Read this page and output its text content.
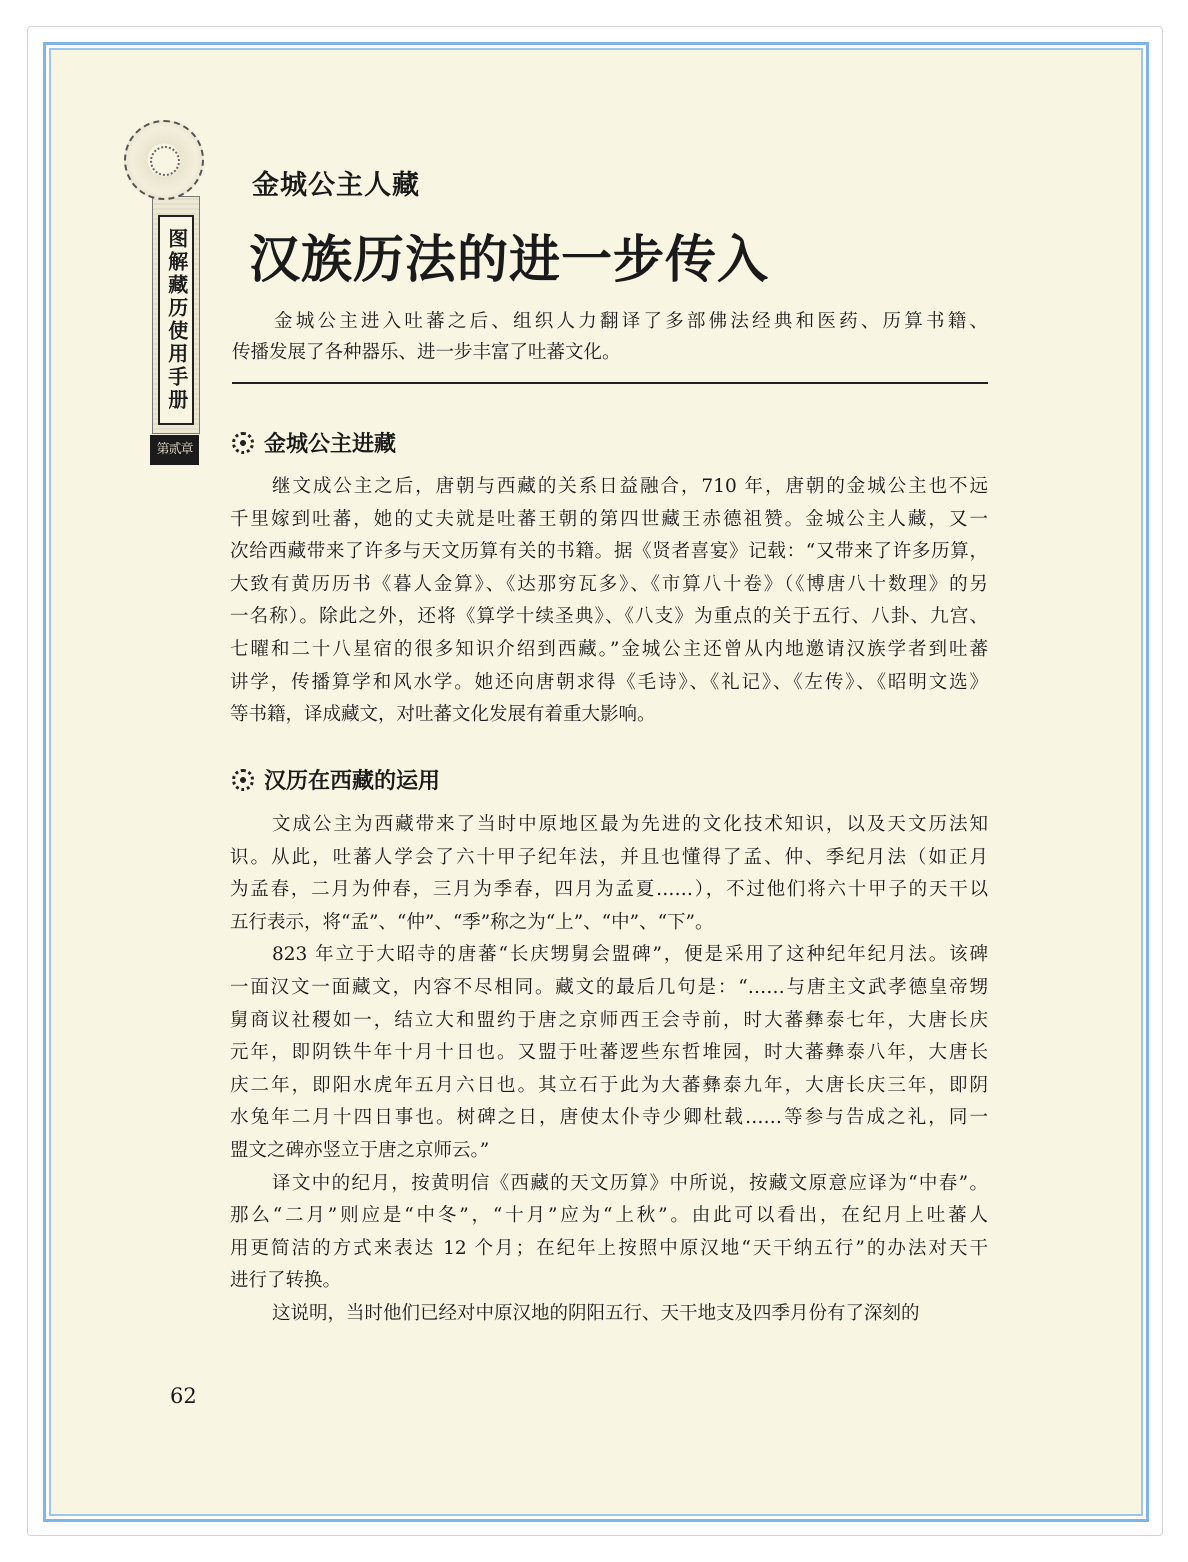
图解藏历使用手册
第贰章
金城公主人藏
汉族历法的进一步传入
金城公主进入吐蕃之后、组织人力翻译了多部佛法经典和医药、历算书籍、
传播发展了各种器乐、进一步丰富了吐蕃文化。
金城公主进藏
继文成公主之后，唐朝与西藏的关系日益融合，710 年，唐朝的金城公主也不远
千里嫁到吐蕃，她的丈夫就是吐蕃王朝的第四世藏王赤德祖赞。金城公主人藏，又一
次给西藏带来了许多与天文历算有关的书籍。据《贤者喜宴》记载：“又带来了许多历算，
大致有黄历历书《暮人金算》、《达那穷瓦多》、《市算八十卷》（《博唐八十数理》的另
一名称）。除此之外，还将《算学十续圣典》、《八支》为重点的关于五行、八卦、九宫、
七曜和二十八星宿的很多知识介绍到西藏。”金城公主还曾从内地邀请汉族学者到吐蕃
讲学，传播算学和风水学。她还向唐朝求得《毛诗》、《礼记》、《左传》、《昭明文选》
等书籍，译成藏文，对吐蕃文化发展有着重大影响。
汉历在西藏的运用
文成公主为西藏带来了当时中原地区最为先进的文化技术知识，以及天文历法知
识。从此，吐蕃人学会了六十甲子纪年法，并且也懂得了孟、仲、季纪月法（如正月
为孟春，二月为仲春，三月为季春，四月为孟夏……），不过他们将六十甲子的天干以
五行表示，将“孟”、“仲”、“季”称之为“上”、“中”、“下”。
823 年立于大昭寺的唐蕃“长庆甥舅会盟碑”，便是采用了这种纪年纪月法。该碑
一面汉文一面藏文，内容不尽相同。藏文的最后几句是：“……与唐主文武孝德皇帝甥
舅商议社稷如一，结立大和盟约于唐之京师西王会寺前，时大蕃彝泰七年，大唐长庆
元年，即阴铁牛年十月十日也。又盟于吐蕃逻些东哲堆园，时大蕃彝泰八年，大唐长
庆二年，即阳水虎年五月六日也。其立石于此为大蕃彝泰九年，大唐长庆三年，即阴
水兔年二月十四日事也。树碑之日，唐使太仆寺少卿杜载……等参与告成之礼，同一
盟文之碑亦竖立于唐之京师云。”
译文中的纪月，按黄明信《西藏的天文历算》中所说，按藏文原意应译为“中春”。
那么“二月”则应是“中冬”，“十月”应为“上秋”。由此可以看出，在纪月上吐蕃人
用更简洁的方式来表达 12 个月；在纪年上按照中原汉地“天干纳五行”的办法对天干
进行了转换。
这说明，当时他们已经对中原汉地的阴阳五行、天干地支及四季月份有了深刻的
62
